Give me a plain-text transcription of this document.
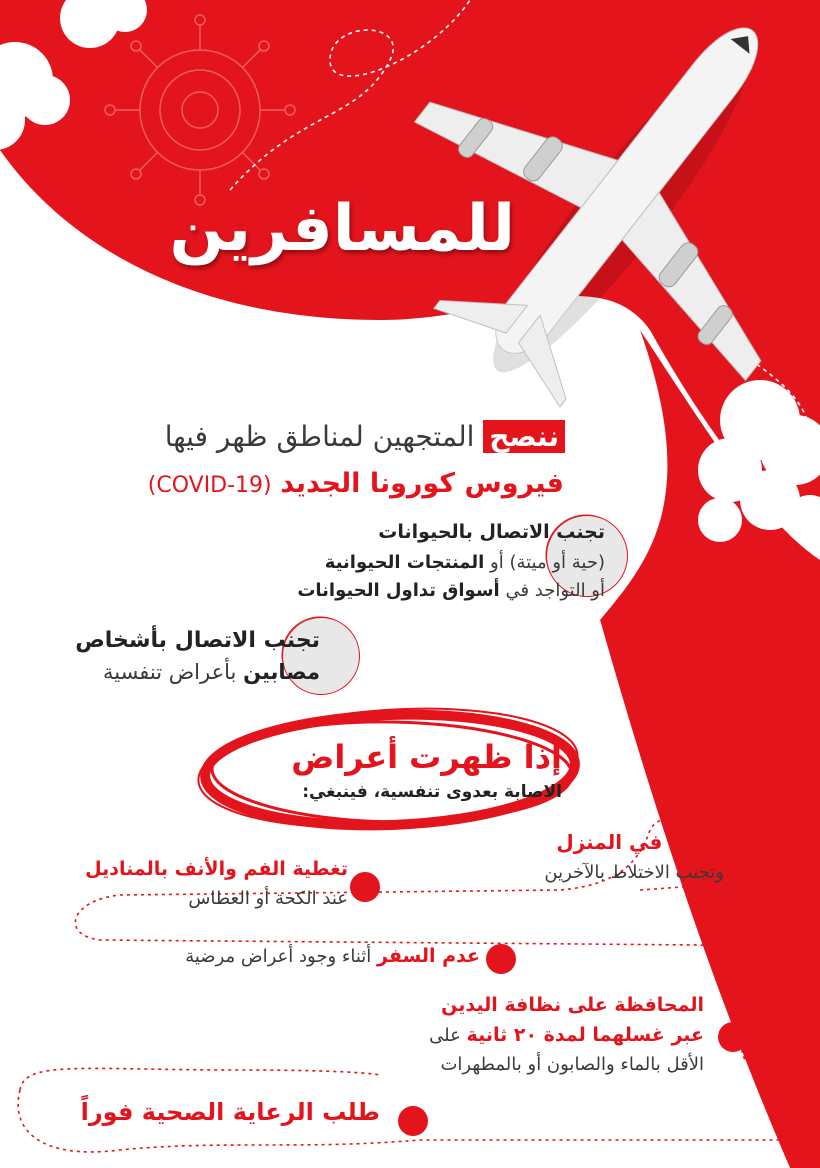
للمسافرين
ننصح المتجهين لمناطق ظهر فيها
فيروس كورونا الجديد (COVID-19)
تجنب الاتصال بالحيوانات
(حية أو ميتة) أو المنتجات الحيوانية
أو التواجد في أسواق تداول الحيوانات
تجنب الاتصال بأشخاص
مصابين بأعراض تنفسية
إذا ظهرت أعراض
الاصابة بعدوى تنفسية، فينبغي:
البقاء في المنزل
وتجنب الاختلاط بالآخرين
تغطية الفم والأنف بالمناديل
عند الكحة أو العطاس
عدم السفر أثناء وجود أعراض مرضية
المحافظة على نظافة اليدين
عبر غسلهما لمدة ٢٠ ثانية على
الأقل بالماء والصابون أو بالمطهرات
طلب الرعاية الصحية فوراً
